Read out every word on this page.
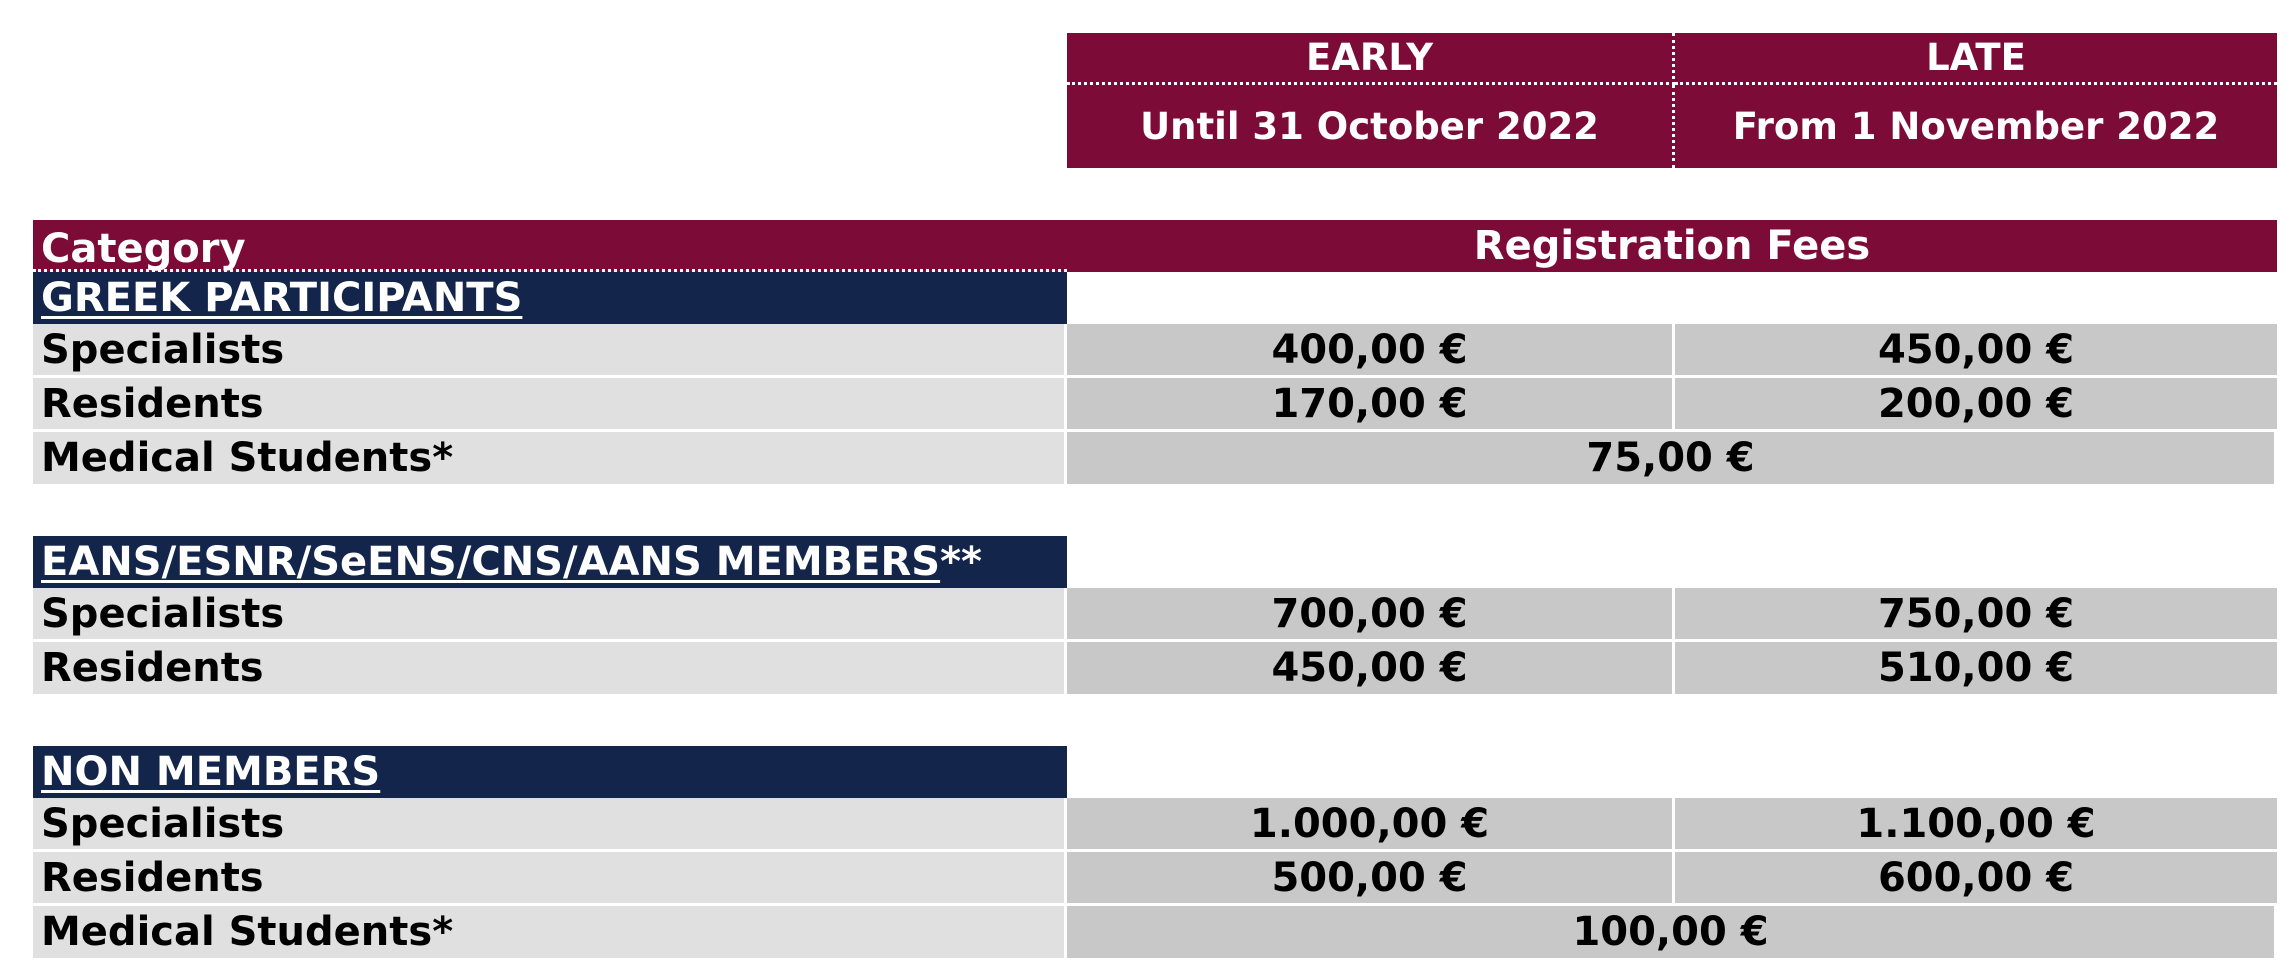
EARLY	LATE
Until 31 October 2022	From 1 November 2022
Category	Registration Fees
GREEK PARTICIPANTS
Specialists	400,00 €	450,00 €
Residents	170,00 €	200,00 €
Medical Students*	75,00 €
EANS/ESNR/SeENS/CNS/AANS MEMBERS **
Specialists	700,00 €	750,00 €
Residents	450,00 €	510,00 €
NON MEMBERS
Specialists	1.000,00 €	1.100,00 €
Residents	500,00 €	600,00 €
Medical Students*	100,00 €
